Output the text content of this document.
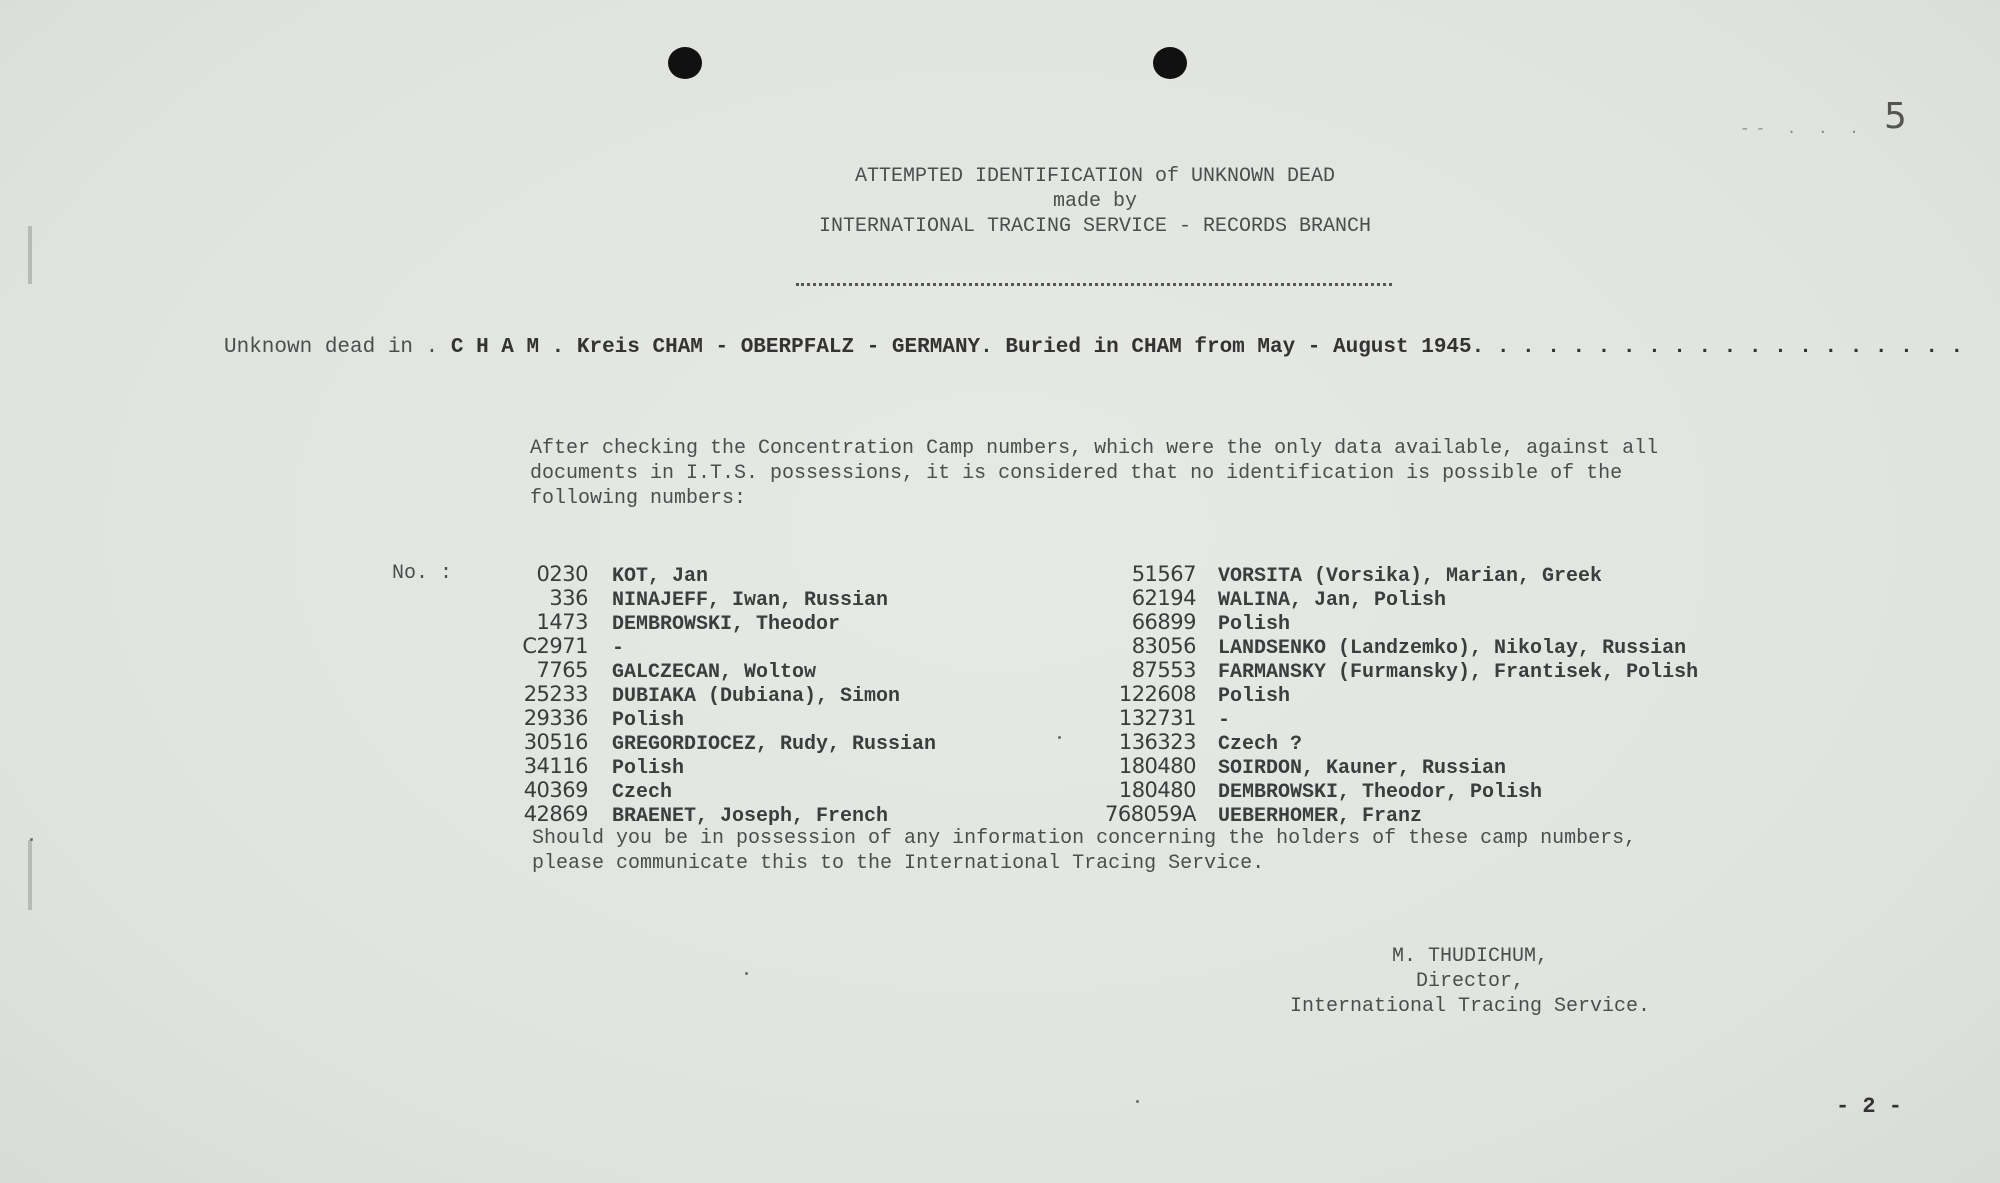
-- . . . 5
ATTEMPTED IDENTIFICATION of UNKNOWN DEAD
made by
INTERNATIONAL TRACING SERVICE - RECORDS BRANCH
Unknown dead in . C H A M . Kreis CHAM - OBERPFALZ - GERMANY. Buried in CHAM from May - August 1945. . . . . . . . . . . . . . . . . . . .

After checking the Concentration Camp numbers, which were the only data available, against all

documents in I.T.S. possessions, it is considered that no identification is possible of the

following numbers:

No. :	0230 KOT, Jan
336 NINAJEFF, Iwan, Russian
1473 DEMBROWSKI, Theodor
C2971 -
7765 GALCZECAN, Woltow
25233 DUBIAKA (Dubiana), Simon
29336 Polish
30516 GREGORDIOCEZ, Rudy, Russian
34116 Polish
40369 Czech
42869 BRAENET, Joseph, French
51567 VORSITA (Vorsika), Marian, Greek
62194 WALINA, Jan, Polish
66899 Polish
83056 LANDSENKO (Landzemko), Nikolay, Russian
87553 FARMANSKY (Furmansky), Frantisek, Polish
122608 Polish
132731 -
136323 Czech ?
180480 SOIRDON, Kauner, Russian
180480 DEMBROWSKI, Theodor, Polish
768059A UEBERHOMER, Franz

Should you be in possession of any information concerning the holders of these camp numbers,

please communicate this to the International Tracing Service.

M. THUDICHUM,

Director,

International Tracing Service.

- 2 -
